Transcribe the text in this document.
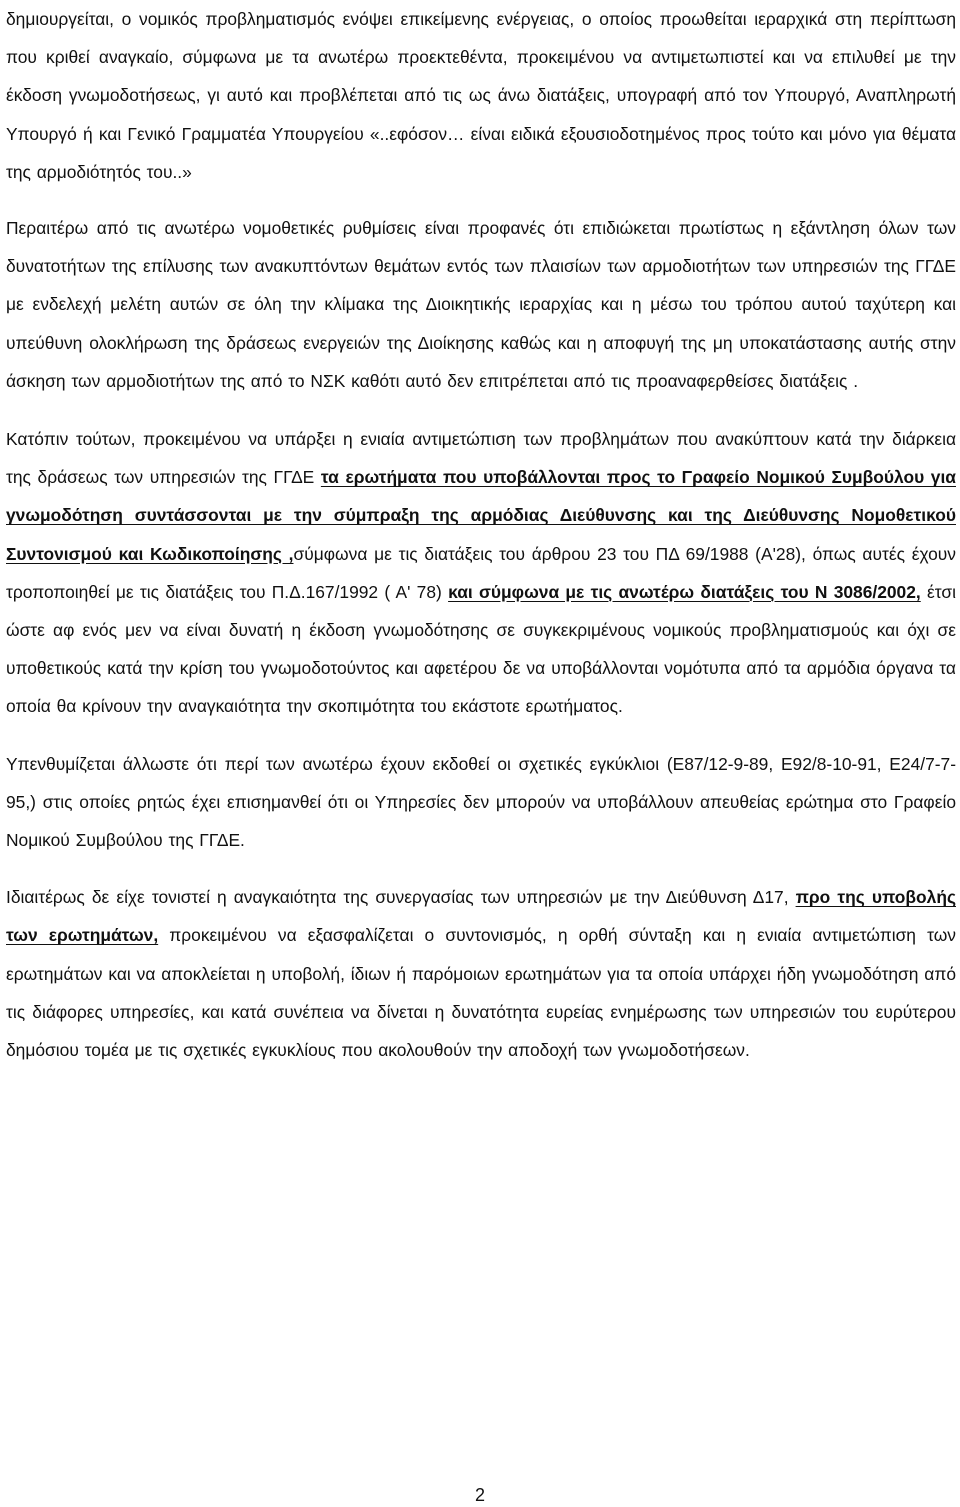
δημιουργείται, ο νομικός προβληματισμός ενόψει επικείμενης ενέργειας, ο οποίος προωθείται ιεραρχικά στη περίπτωση που κριθεί αναγκαίο, σύμφωνα με τα ανωτέρω προεκτεθέντα, προκειμένου να αντιμετωπιστεί και να επιλυθεί με την έκδοση γνωμοδοτήσεως, γι αυτό και προβλέπεται από τις ως άνω διατάξεις, υπογραφή από τον Υπουργό, Αναπληρωτή Υπουργό ή και Γενικό Γραμματέα Υπουργείου «..εφόσον… είναι ειδικά εξουσιοδοτημένος προς τούτο και μόνο για θέματα της αρμοδιότητός του..»

Περαιτέρω από τις ανωτέρω νομοθετικές ρυθμίσεις είναι προφανές ότι επιδιώκεται πρωτίστως η εξάντληση όλων των δυνατοτήτων της επίλυσης των ανακυπτόντων θεμάτων εντός των πλαισίων των αρμοδιοτήτων των υπηρεσιών της ΓΓΔΕ με ενδελεχή μελέτη αυτών σε όλη την κλίμακα της Διοικητικής ιεραρχίας και η μέσω του τρόπου αυτού ταχύτερη και υπεύθυνη ολοκλήρωση της δράσεως ενεργειών της Διοίκησης καθώς και η αποφυγή της μη υποκατάστασης αυτής στην άσκηση των αρμοδιοτήτων της από το ΝΣΚ καθότι αυτό δεν επιτρέπεται από τις προαναφερθείσες διατάξεις .

Κατόπιν τούτων, προκειμένου να υπάρξει η ενιαία αντιμετώπιση των προβλημάτων που ανακύπτουν κατά την διάρκεια της δράσεως των υπηρεσιών της ΓΓΔΕ τα ερωτήματα που υποβάλλονται προς το Γραφείο Νομικού Συμβούλου για γνωμοδότηση συντάσσονται με την σύμπραξη της αρμόδιας Διεύθυνσης και της Διεύθυνσης Νομοθετικού Συντονισμού και Κωδικοποίησης ,σύμφωνα με τις διατάξεις του άρθρου 23 του ΠΔ 69/1988 (Α'28), όπως αυτές έχουν τροποποιηθεί με τις διατάξεις του Π.Δ.167/1992 ( Α' 78) και σύμφωνα με τις ανωτέρω διατάξεις του Ν 3086/2002, έτσι ώστε αφ ενός μεν να είναι δυνατή η έκδοση γνωμοδότησης σε συγκεκριμένους νομικούς προβληματισμούς και όχι σε υποθετικούς κατά την κρίση του γνωμοδοτούντος και αφετέρου δε να υποβάλλονται νομότυπα από τα αρμόδια όργανα τα οποία θα κρίνουν την αναγκαιότητα την σκοπιμότητα του εκάστοτε ερωτήματος.

Υπενθυμίζεται άλλωστε ότι περί των ανωτέρω έχουν εκδοθεί οι σχετικές εγκύκλιοι (Ε87/12-9-89, Ε92/8-10-91, Ε24/7-7-95,) στις οποίες ρητώς έχει επισημανθεί ότι οι Υπηρεσίες δεν μπορούν να υποβάλλουν απευθείας ερώτημα στο Γραφείο Νομικού Συμβούλου της ΓΓΔΕ.

Ιδιαιτέρως δε είχε τονιστεί η αναγκαιότητα της συνεργασίας των υπηρεσιών με την Διεύθυνση Δ17, προ της υποβολής των ερωτημάτων, προκειμένου να εξασφαλίζεται ο συντονισμός, η ορθή σύνταξη και η ενιαία αντιμετώπιση των ερωτημάτων και να αποκλείεται η υποβολή, ίδιων ή παρόμοιων ερωτημάτων για τα οποία υπάρχει ήδη γνωμοδότηση από τις διάφορες υπηρεσίες, και κατά συνέπεια να δίνεται η δυνατότητα ευρείας ενημέρωσης των υπηρεσιών του ευρύτερου δημόσιου τομέα με τις σχετικές εγκυκλίους που ακολουθούν την αποδοχή των γνωμοδοτήσεων.

2
